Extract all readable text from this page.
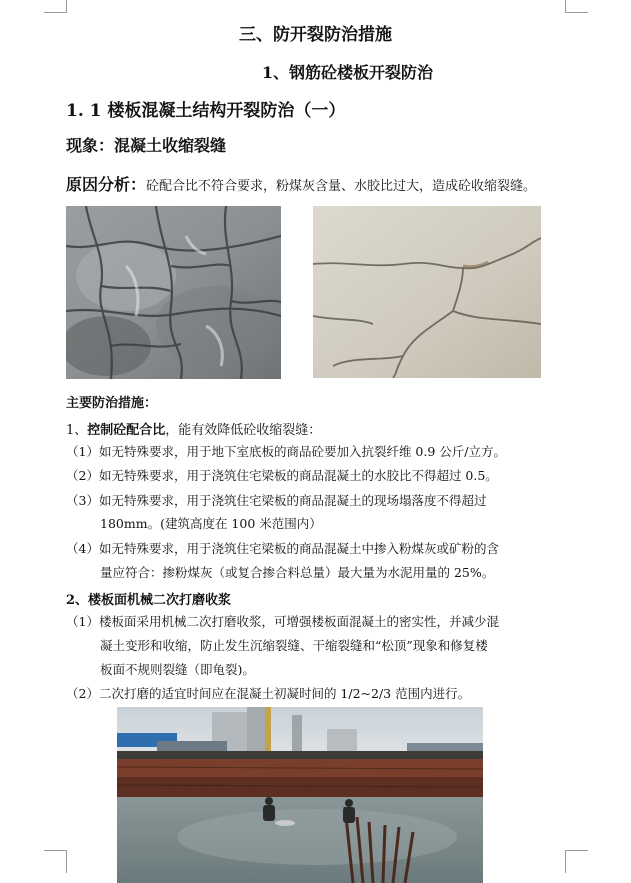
三、防开裂防治措施
1、钢筋砼楼板开裂防治
1. 1 楼板混凝土结构开裂防治（一）
现象：混凝土收缩裂缝
原因分析：砼配合比不符合要求，粉煤灰含量、水胶比过大，造成砼收缩裂缝。
主要防治措施：
1、控制砼配合比，能有效降低砼收缩裂缝：
（1）如无特殊要求，用于地下室底板的商品砼要加入抗裂纤维 0.9 公斤/立方。
（2）如无特殊要求，用于浇筑住宅梁板的商品混凝土的水胶比不得超过 0.5。
（3）如无特殊要求，用于浇筑住宅梁板的商品混凝土的现场塌落度不得超过
180mm。(建筑高度在 100 米范围内）
（4）如无特殊要求，用于浇筑住宅梁板的商品混凝土中掺入粉煤灰或矿粉的含
量应符合：掺粉煤灰（或复合掺合料总量）最大量为水泥用量的 25%。
2、楼板面机械二次打磨收浆
（1）楼板面采用机械二次打磨收浆，可增强楼板面混凝土的密实性，并减少混
凝土变形和收缩，防止发生沉缩裂缝、干缩裂缝和“松顶”现象和修复楼
板面不规则裂缝（即龟裂)。
（2）二次打磨的适宜时间应在混凝土初凝时间的 1/2~2/3 范围内进行。
